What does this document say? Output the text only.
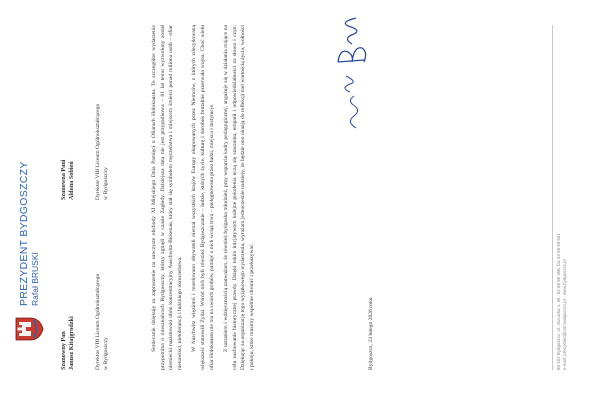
PREZYDENT BYDGOSZCZY Rafał BRUSKI
Szanowny Pan Janusz Kitajgrodzki	Dyrektor VIII Liceum Ogólnokształcącego w Bydgoszczy
Szanowna Pani Aldona Sobień	Dyrektor VIII Liceum Ogólnokształcącego w Bydgoszczy	Serdecznie dziękuję za zaproszenie na uroczyste obchody XI Miejskiego Dnia Pamięci o Ofiarach Holokaustu. To szczególne wydarzenie przypomina o mieszkańcach Bydgoszczy, którzy zginęli w czasie Zagłady. Dzisiejsza data nie jest przypadkowa – 81 lat temu wyzwolony został niemiecki nazistowski obóz koncentracyjny Auschwitz-Birkenau, który stał się symbolem męczeństwa i miejscem śmierci ponad miliona osób – ofiar nienawiści, nietolerancji i ludzkiego okrucieństwa. W Auschwitz więzionó i mordowano obywateli niemal wszystkich krajów Europy okupowanych przez Niemców, z których zdecydowaną większość stanowili Żydzi. Wśród nich byli również Bydgoszczanie – ludzie, których życie, kulturę i dorobek brutalnie przerwała wojna. Choć wielu ofiar Holokaustu nie ma na swoich grobów, pamięć o nich wciąż trwa – pielęgnowana przez ludzi, miejsca i instytucje. Z uznaniem i wdzięcznością zauważam, że również bydgoska młodzież, przy wsparciu kadry pedagogicznej, angażuje się w działania mające na celu zachowanie historycznej prawdy. Dzięki takim inicjatywom kolejne pokolenia uczą się szacunku, empatii i odpowiedzialności za słowo i czyn. Dziękując za organizację tego wyjątkowego wydarzenia, wyrażam jednocześnie nadzieję, że będzie ono okazją do refleksji nad wartością życia, wolności i pokoju, które musimy wspólnie chronić i przekazywać.	Bydgoszcz, 23 lutego 2026 roku	85-102 Bydgoszcz, ul. Jezuicka 1, tel.: 52 58 58 358, fax 52 58 59 501 e-mail: prezydent@um.bydgoszcz.pl · www.bydgoszcz.pl
